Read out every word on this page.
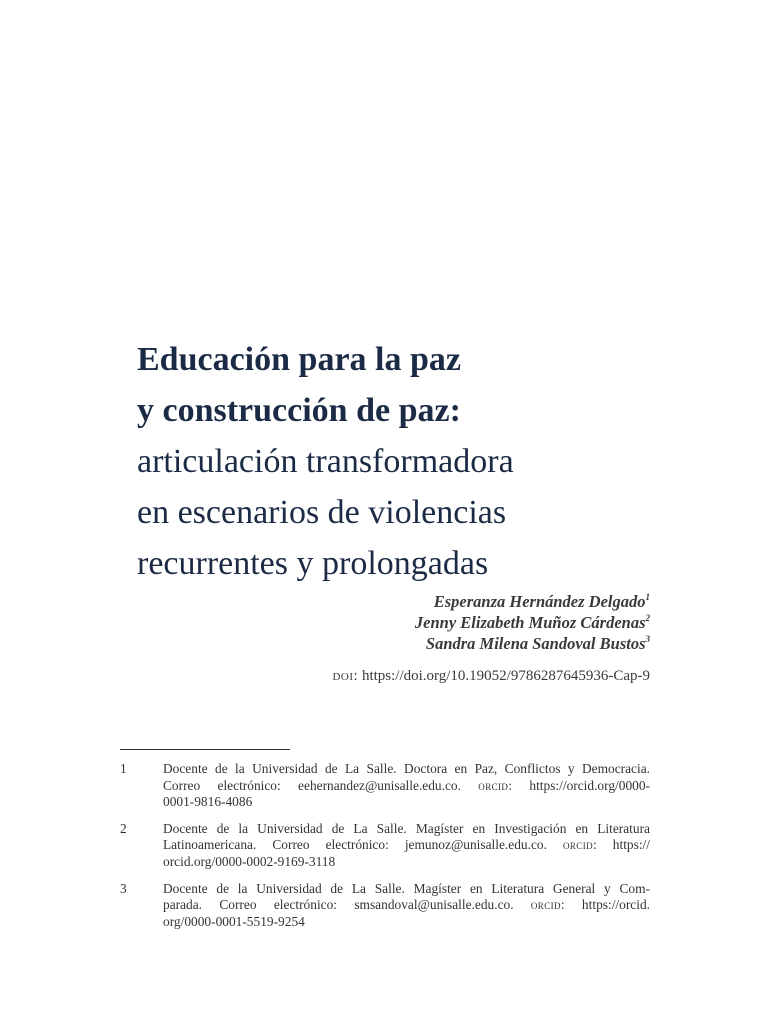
Educación para la paz
y construcción de paz:
articulación transformadora
en escenarios de violencias
recurrentes y prolongadas
Esperanza Hernández Delgado$^1$
Jenny Elizabeth Muñoz Cárdenas$^2$
Sandra Milena Sandoval Bustos$^3$
doi: https://doi.org/10.19052/9786287645936-Cap-9
1	Docente de la Universidad de La Salle. Doctora en Paz, Conflictos y Democracia.
Correo electrónico: eehernandez@unisalle.edu.co. orcid: https://orcid.org/0000-
0001-9816-4086
2	Docente de la Universidad de La Salle. Magíster en Investigación en Literatura
Latinoamericana. Correo electrónico: jemunoz@unisalle.edu.co. orcid: https://
orcid.org/0000-0002-9169-3118
3	Docente de la Universidad de La Salle. Magíster en Literatura General y Com-
parada. Correo electrónico: smsandoval@unisalle.edu.co. orcid: https://orcid.
org/0000-0001-5519-9254
